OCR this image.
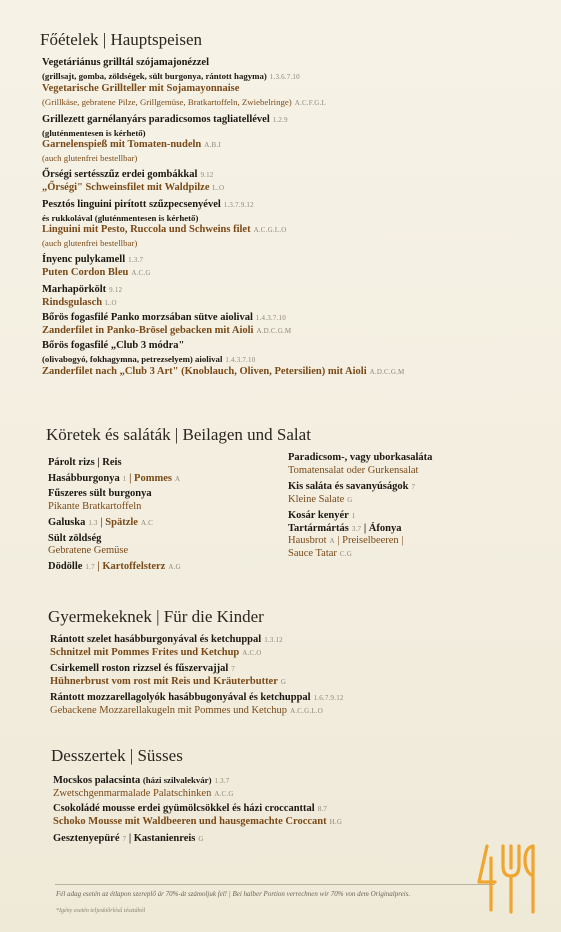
Főételek | Hauptspeisen
Vegetáriánus grilltál szójamajonézzel
(grillsajt, gomba, zöldségek, sült burgonya, rántott hagyma) 1.3.6.7.10
Vegetarische Grillteller mit Sojamayonnaise
(Grillkäse, gebratene Pilze, Grillgemüse, Bratkartoffeln, Zwiebelringe) A.C.F.G.L
Grillezett garnélanyárs paradicsomos tagliatellével 1.2.9
(gluténmentesen is kérhető)
Garnelenspieß mit Tomaten-nudeln A.B.I
(auch glutenfrei bestellbar)
Őrségi sertésszűz erdei gombákkal 9.12
„Őrségi" Schweinsfilet mit Waldpilze L.O
Pesztós linguini pirított szűzpecsenyével 1.3.7.9.12
és rukkolával (gluténmentesen is kérhető)
Linguini mit Pesto, Ruccola und Schweins filet A.C.G.L.O
(auch glutenfrei bestellbar)
Ínyenc pulykamell 1.3.7
Puten Cordon Bleu A.C.G
Marhapörkölt 9.12
Rindsgulasch L.O
Bőrös fogasfilé Panko morzsában sütve aiolival 1.4.3.7.10
Zanderfilet in Panko-Brösel gebacken mit Aioli A.D.C.G.M
Bőrös fogasfilé „Club 3 módra"
(olivabogyó, fokhagymna, petrezselyem) aiolival 1.4.3.7.10
Zanderfilet nach „Club 3 Art" (Knoblauch, Oliven, Petersilien) mit Aioli A.D.C.G.M
Köretek és saláták | Beilagen und Salat
Párolt rizs | Reis
Hasábburgonya 1 | Pommes A
Fűszeres sült burgonya
Pikante Bratkartoffeln
Galuska 1.3 | Spätzle A.C
Sült zöldség
Gebratene Gemüse
Dödölle 1.7 | Kartoffelsterz A.G
Paradicsom-, vagy uborkasaláta
Tomatensalat oder Gurkensalat
Kis saláta és savanyúságok 7
Kleine Salate G
Kosár kenyér 1
Tartármártás 3.7 | Áfonya
Hausbrot A | Preiselbeeren |
Sauce Tatar C.G
Gyermekeknek | Für die Kinder
Rántott szelet hasábburgonyával és ketchuppal 1.3.12
Schnitzel mit Pommes Frites und Ketchup A.C.O
Csirkemell roston rizzsel és fűszervajjal 7
Hühnerbrust vom rost mit Reis und Kräuterbutter G
Rántott mozzarellagolyók hasábbugonyával és ketchuppal 1.6.7.9.12
Gebackene Mozzarellakugeln mit Pommes und Ketchup A.C.G.L.O
Desszertek | Süsses
Mocskos palacsinta (házi szilvalekvár) 1.3.7
Zwetschgenmarmalade Palatschinken A.C.G
Csokoládé mousse erdei gyümölcsökkel és házi croccanttal 8.7
Schoko Mousse mit Waldbeeren und hausgemachte Croccant H.G
Gesztenyepüré 7 | Kastanienreis G
Fél adag esetén az étlapon szereplő ár 70%-át számoljuk fel! | Bei halber Portion verrechnen wir 70% von dem Originalpreis.
*Igény esetén teljeskiőrlésű tésztából
